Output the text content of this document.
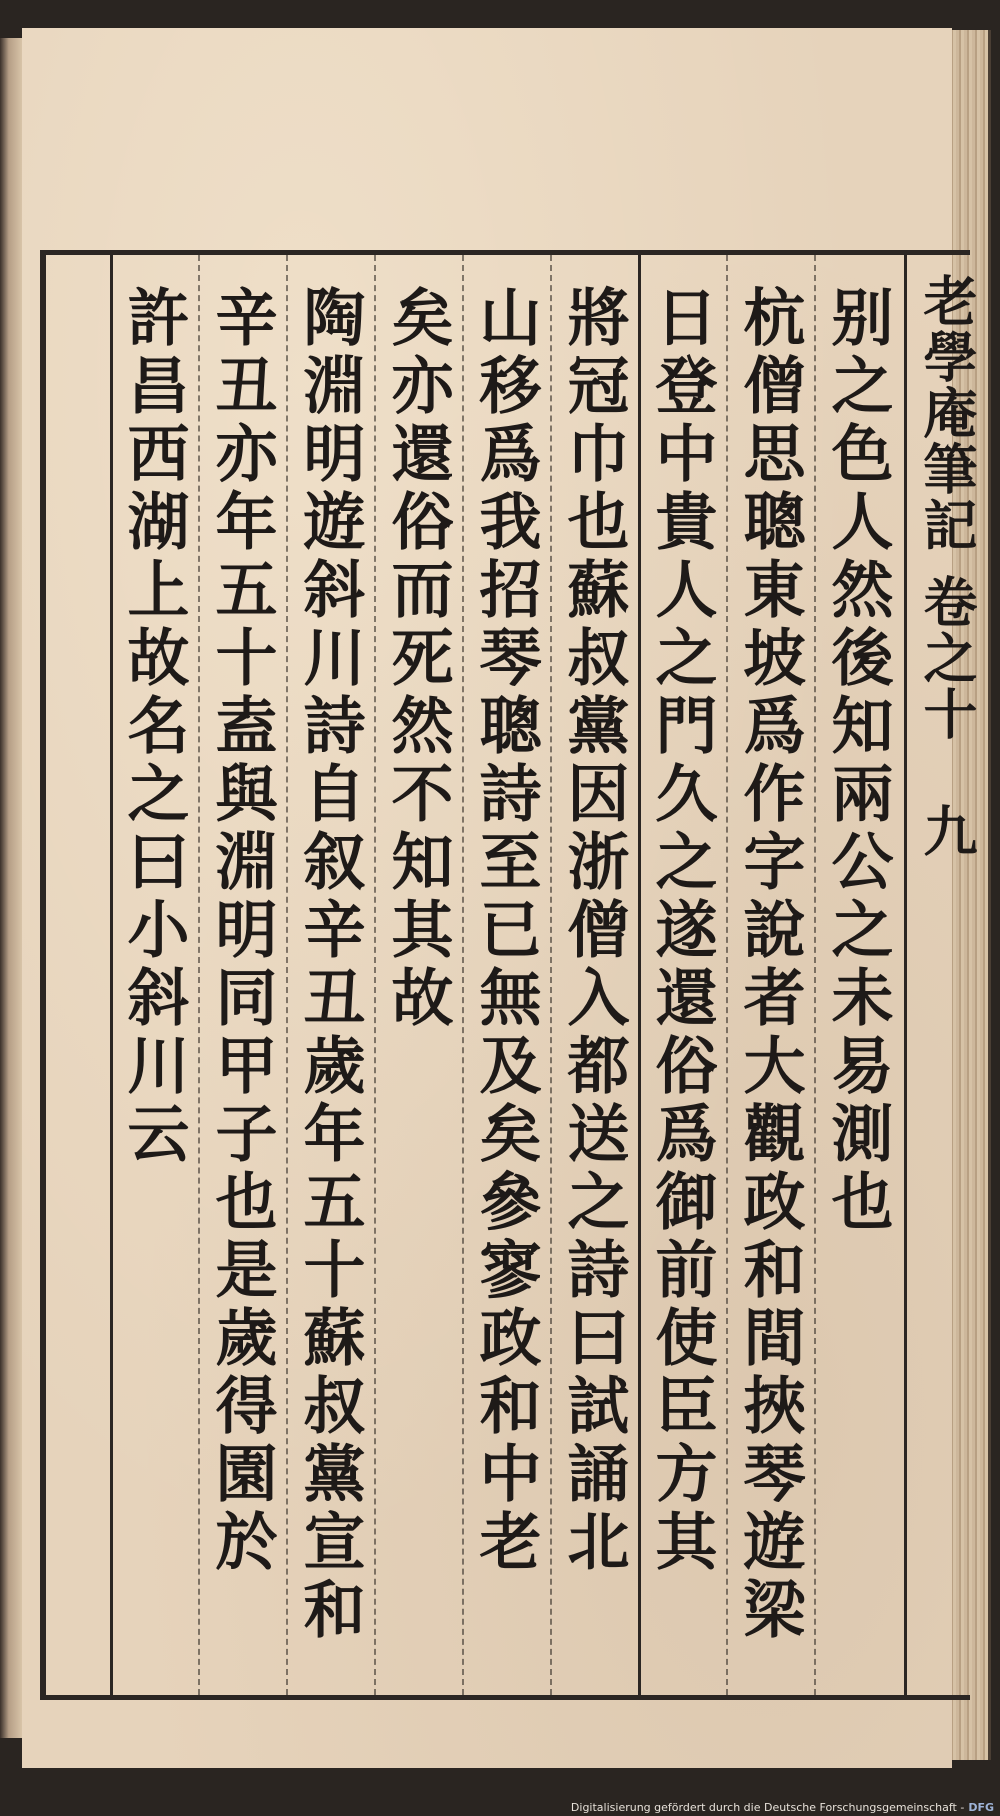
老學庵筆記 卷之十 九
别之色人然後知兩公之未易測也
杭僧思聰東坡爲作字說者大觀政和間挾琴遊梁
日登中貴人之門久之遂還俗爲御前使臣方其
將冠巾也蘇叔黨因浙僧入都送之詩曰試誦北
山移爲我招琴聰詩至已無及矣參寥政和中老
矣亦還俗而死然不知其故
陶淵明遊斜川詩自叙辛丑歲年五十蘇叔黨宣和
辛丑亦年五十盍與淵明同甲子也是歲得園於
許昌西湖上故名之曰小斜川云
Digitalisierung gefördert durch die Deutsche Forschungsgemeinschaft - DFG
